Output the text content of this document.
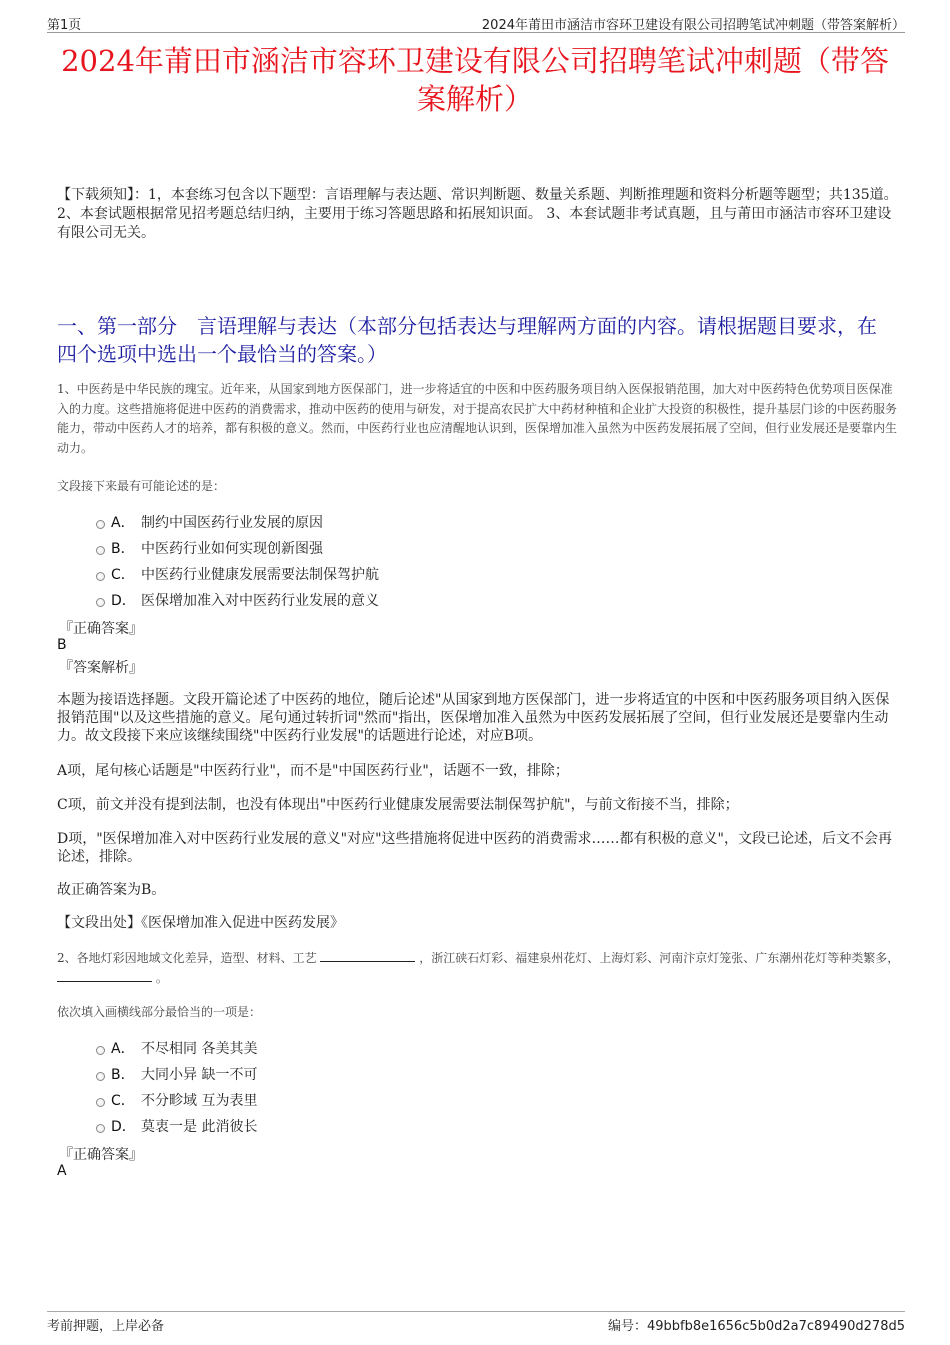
第1页	2024年莆田市涵洁市容环卫建设有限公司招聘笔试冲刺题（带答案解析）
2024年莆田市涵洁市容环卫建设有限公司招聘笔试冲刺题（带答案解析）
【下载须知】：1，本套练习包含以下题型：言语理解与表达题、常识判断题、数量关系题、判断推理题和资料分析题等题型；共135道。 2、本套试题根据常见招考题总结归纳，主要用于练习答题思路和拓展知识面。 3、本套试题非考试真题，且与莆田市涵洁市容环卫建设有限公司无关。
一、第一部分　言语理解与表达（本部分包括表达与理解两方面的内容。请根据题目要求，在四个选项中选出一个最恰当的答案。）
1、中医药是中华民族的瑰宝。近年来，从国家到地方医保部门，进一步将适宜的中医和中医药服务项目纳入医保报销范围，加大对中医药特色优势项目医保准入的力度。这些措施将促进中医药的消费需求，推动中医药的使用与研发，对于提高农民扩大中药材种植和企业扩大投资的积极性，提升基层门诊的中医药服务能力，带动中医药人才的培养，都有积极的意义。然而，中医药行业也应清醒地认识到，医保增加准入虽然为中医药发展拓展了空间，但行业发展还是要靠内生动力。
文段接下来最有可能论述的是：
A． 制约中国医药行业发展的原因
B． 中医药行业如何实现创新图强
C． 中医药行业健康发展需要法制保驾护航
D． 医保增加准入对中医药行业发展的意义
『正确答案』
B
『答案解析』
本题为接语选择题。文段开篇论述了中医药的地位，随后论述"从国家到地方医保部门，进一步将适宜的中医和中医药服务项目纳入医保报销范围"以及这些措施的意义。尾句通过转折词"然而"指出，医保增加准入虽然为中医药发展拓展了空间，但行业发展还是要靠内生动力。故文段接下来应该继续围绕"中医药行业发展"的话题进行论述，对应B项。
A项，尾句核心话题是"中医药行业"，而不是"中国医药行业"，话题不一致，排除；
C项，前文并没有提到法制，也没有体现出"中医药行业健康发展需要法制保驾护航"，与前文衔接不当，排除；
D项，"医保增加准入对中医药行业发展的意义"对应"这些措施将促进中医药的消费需求……都有积极的意义"，文段已论述，后文不会再论述，排除。
故正确答案为B。
【文段出处】《医保增加准入促进中医药发展》
2、各地灯彩因地域文化差异，造型、材料、工艺	，浙江硖石灯彩、福建泉州花灯、上海灯彩、河南汴京灯笼张、广东潮州花灯等种类繁多，  。
依次填入画横线部分最恰当的一项是：
A． 不尽相同 各美其美
B． 大同小异 缺一不可
C． 不分畛域 互为表里
D． 莫衷一是 此消彼长
『正确答案』
A
考前押题，上岸必备	编号：49bbfb8e1656c5b0d2a7c89490d278d5
